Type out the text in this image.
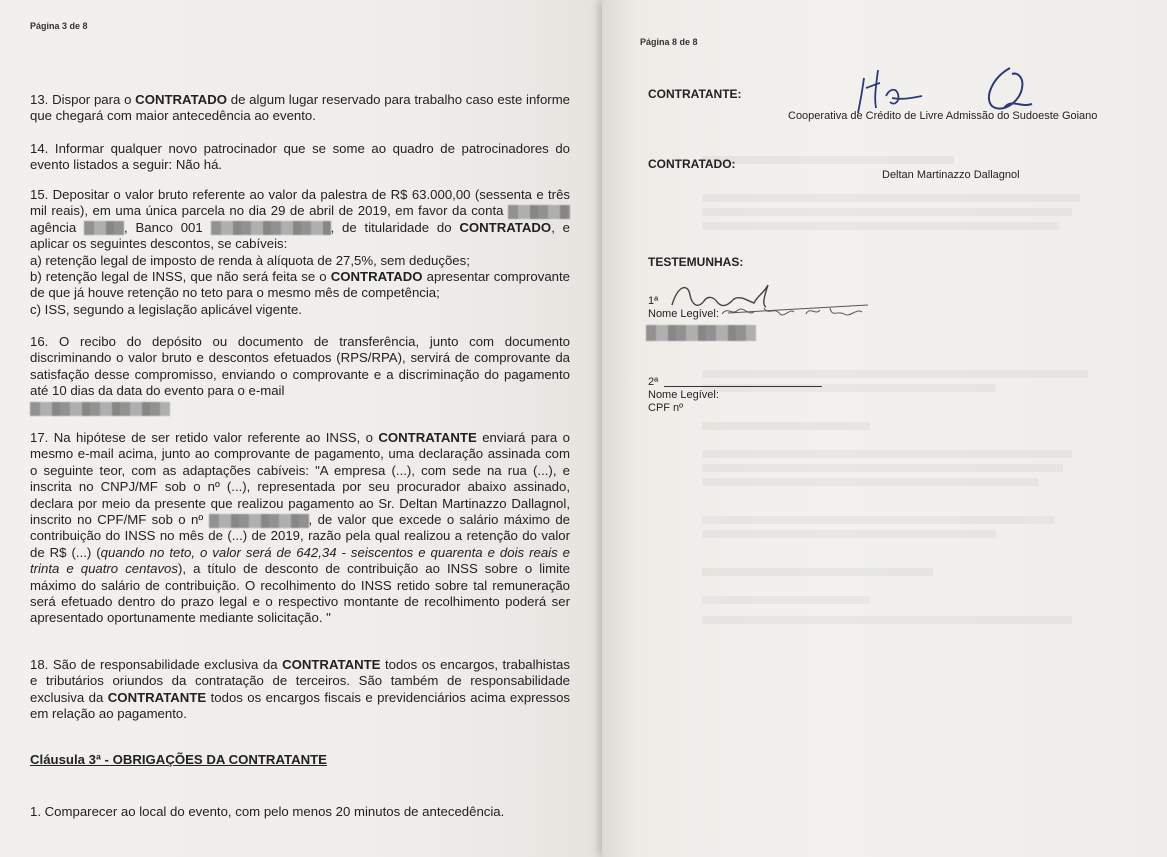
Página 3 de 8
13. Dispor para o CONTRATADO de algum lugar reservado para trabalho caso este informe que chegará com maior antecedência ao evento.
14. Informar qualquer novo patrocinador que se some ao quadro de patrocinadores do evento listados a seguir: Não há.
15. Depositar o valor bruto referente ao valor da palestra de R$ 63.000,00 (sessenta e três mil reais), em uma única parcela no dia 29 de abril de 2019, em favor da conta  agência	, Banco 001	, de titularidade do CONTRATADO, e aplicar os seguintes descontos, se cabíveis:
a) retenção legal de imposto de renda à alíquota de 27,5%, sem deduções;
b) retenção legal de INSS, que não será feita se o CONTRATADO apresentar comprovante de que já houve retenção no teto para o mesmo mês de competência;
c) ISS, segundo a legislação aplicável vigente.
16. O recibo do depósito ou documento de transferência, junto com documento discriminando o valor bruto e descontos efetuados (RPS/RPA), servirá de comprovante da satisfação desse compromisso, enviando o comprovante e a discriminação do pagamento até 10 dias da data do evento para o e-mail

17. Na hipótese de ser retido valor referente ao INSS, o CONTRATANTE enviará para o mesmo e-mail acima, junto ao comprovante de pagamento, uma declaração assinada com o seguinte teor, com as adaptações cabíveis: "A empresa (...), com sede na rua (...), e inscrita no CNPJ/MF sob o nº (...), representada por seu procurador abaixo assinado, declara por meio da presente que realizou pagamento ao Sr. Deltan Martinazzo Dallagnol, inscrito no CPF/MF sob o nº	, de valor que excede o salário máximo de contribuição do INSS no mês de (...) de 2019, razão pela qual realizou a retenção do valor de R$ (...) (quando no teto, o valor será de 642,34 - seiscentos e quarenta e dois reais e trinta e quatro centavos), a título de desconto de contribuição ao INSS sobre o limite máximo do salário de contribuição. O recolhimento do INSS retido sobre tal remuneração será efetuado dentro do prazo legal e o respectivo montante de recolhimento poderá ser apresentado oportunamente mediante solicitação. "
18. São de responsabilidade exclusiva da CONTRATANTE todos os encargos, trabalhistas e tributários oriundos da contratação de terceiros. São também de responsabilidade exclusiva da CONTRATANTE todos os encargos fiscais e previdenciários acima expressos em relação ao pagamento.
Cláusula 3ª - OBRIGAÇÕES DA CONTRATANTE
1. Comparecer ao local do evento, com pelo menos 20 minutos de antecedência.
Página 8 de 8
CONTRATANTE:
Cooperativa de Crédito de Livre Admissão do Sudoeste Goiano
CONTRATADO:
Deltan Martinazzo Dallagnol
TESTEMUNHAS:
1ª
Nome Legível:
2ª
Nome Legível:
CPF nº
